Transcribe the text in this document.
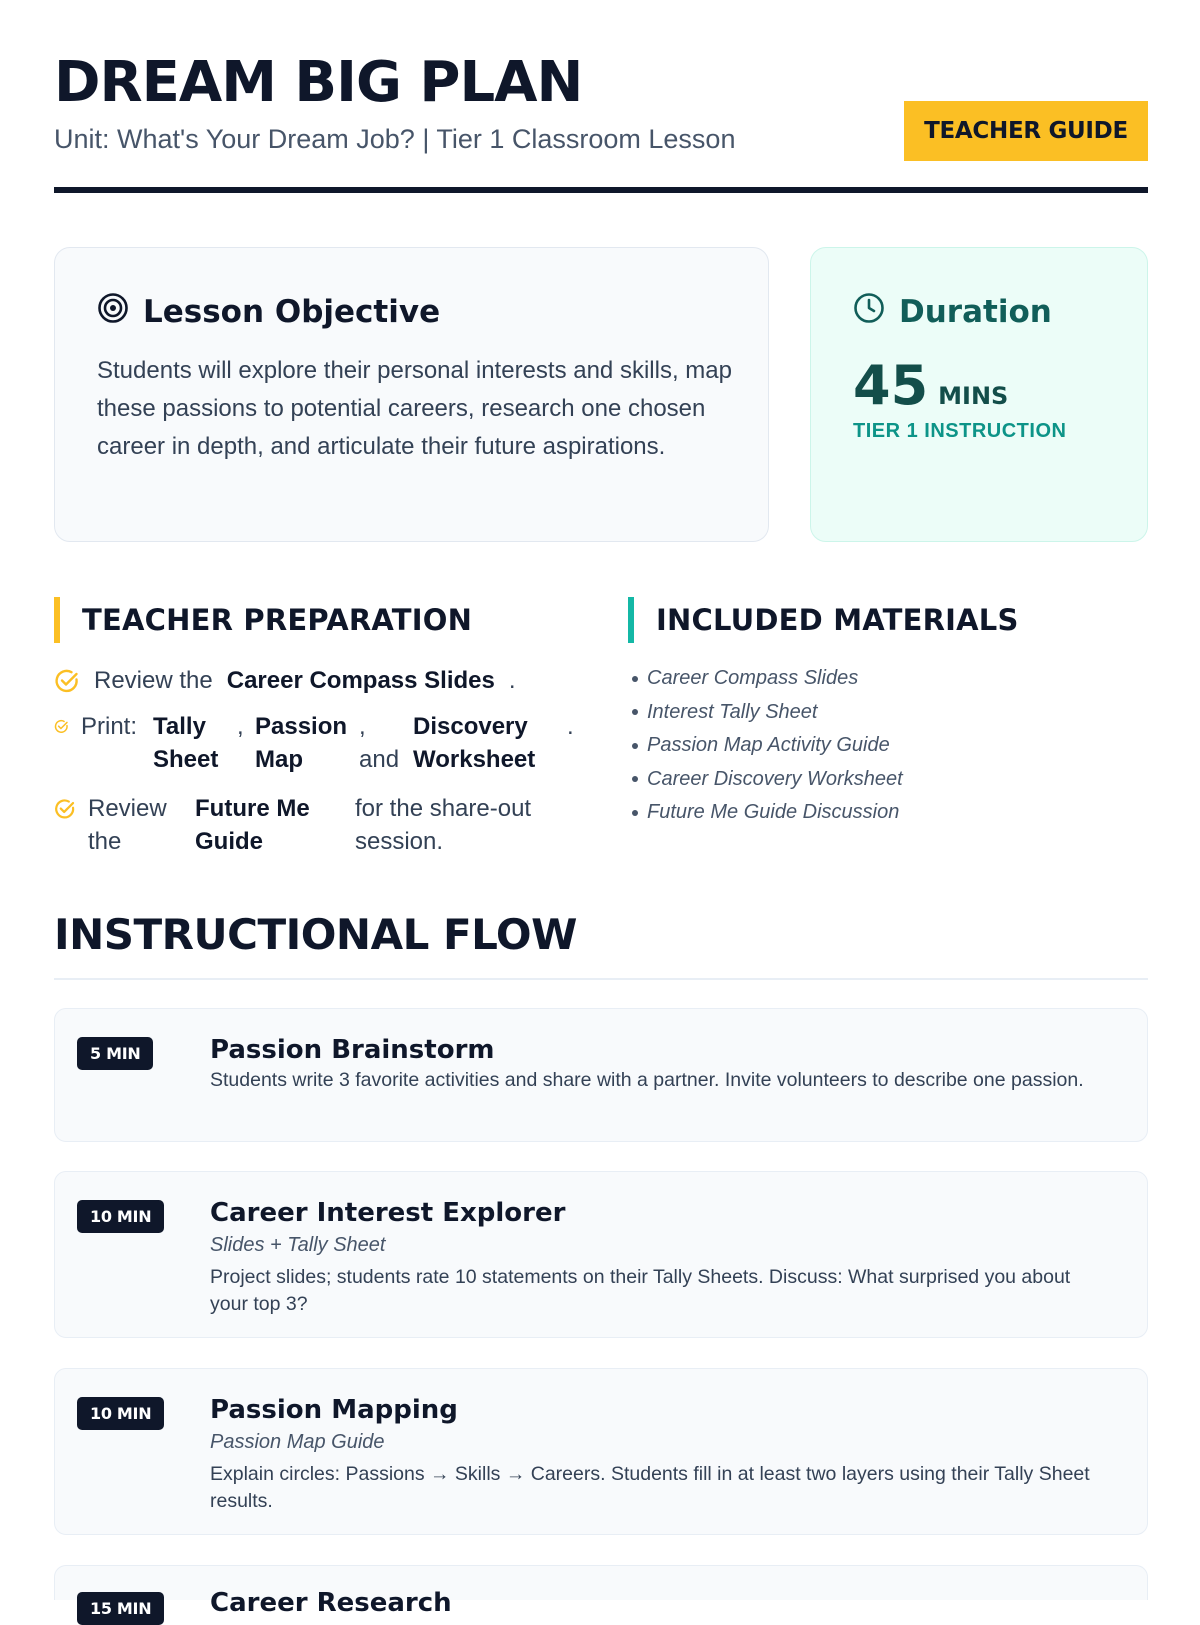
DREAM BIG PLAN
Unit: What's Your Dream Job? | Tier 1 Classroom Lesson	TEACHER GUIDE
Lesson Objective
Students will explore their personal interests and skills, map these passions to potential careers, research one chosen career in depth, and articulate their future aspirations.
Duration
45 MINS
TIER 1 INSTRUCTION
TEACHER PREPARATION
Review the Career Compass Slides .
Print: Tally
Sheet
, Passion
Map
,
and
Discovery
Worksheet
.
Review
the
Future Me
Guide
for the share-out
session.
INCLUDED MATERIALS
Career Compass Slides
Interest Tally Sheet
Passion Map Activity Guide
Career Discovery Worksheet
Future Me Guide Discussion
INSTRUCTIONAL FLOW
5 MIN	Passion Brainstorm
Students write 3 favorite activities and share with a partner. Invite volunteers to describe one passion.
10 MIN	Career Interest Explorer
Slides + Tally Sheet
Project slides; students rate 10 statements on their Tally Sheets. Discuss: What surprised you about your top 3?
10 MIN	Passion Mapping
Passion Map Guide
Explain circles: Passions → Skills → Careers. Students fill in at least two layers using their Tally Sheet results.
15 MIN	Career Research
